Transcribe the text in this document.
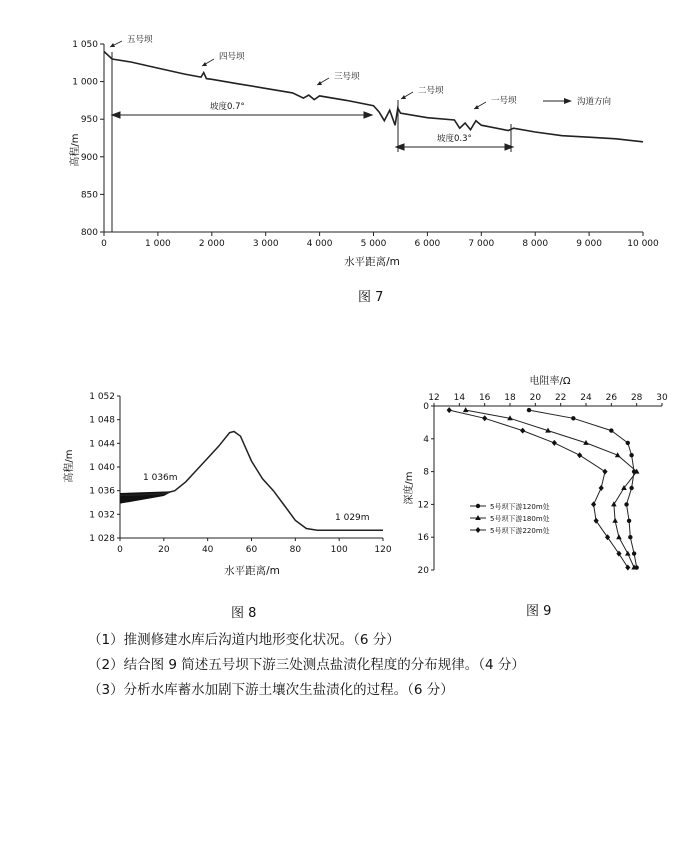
800
850
900
950
1 000
1 050
0	1 000	2 000	3 000	4 000	5 000	6 000	7 000	8 000	9 000	10 000
坡度0.7°
坡度0.3°
五号坝
四号坝
三号坝
二号坝
一号坝	沟道方向
高程/m
水平距离/m
图 7
1 028
1 032
1 036
1 040
1 044
1 048
1 052
0	20	40	60	80	100	120
1 036m
1 029m
高程/m
水平距离/m
图 8
12 14 16 18 20 22 24 26 28 30
0
4
8
12
16
20
5号坝下游120m处
5号坝下游180m处
5号坝下游220m处
电阻率/Ω
深度/m
图 9
（1）推测修建水库后沟道内地形变化状况。（6 分）
（2）结合图 9 简述五号坝下游三处测点盐渍化程度的分布规律。（4 分）
（3）分析水库蓄水加剧下游土壤次生盐渍化的过程。（6 分）
